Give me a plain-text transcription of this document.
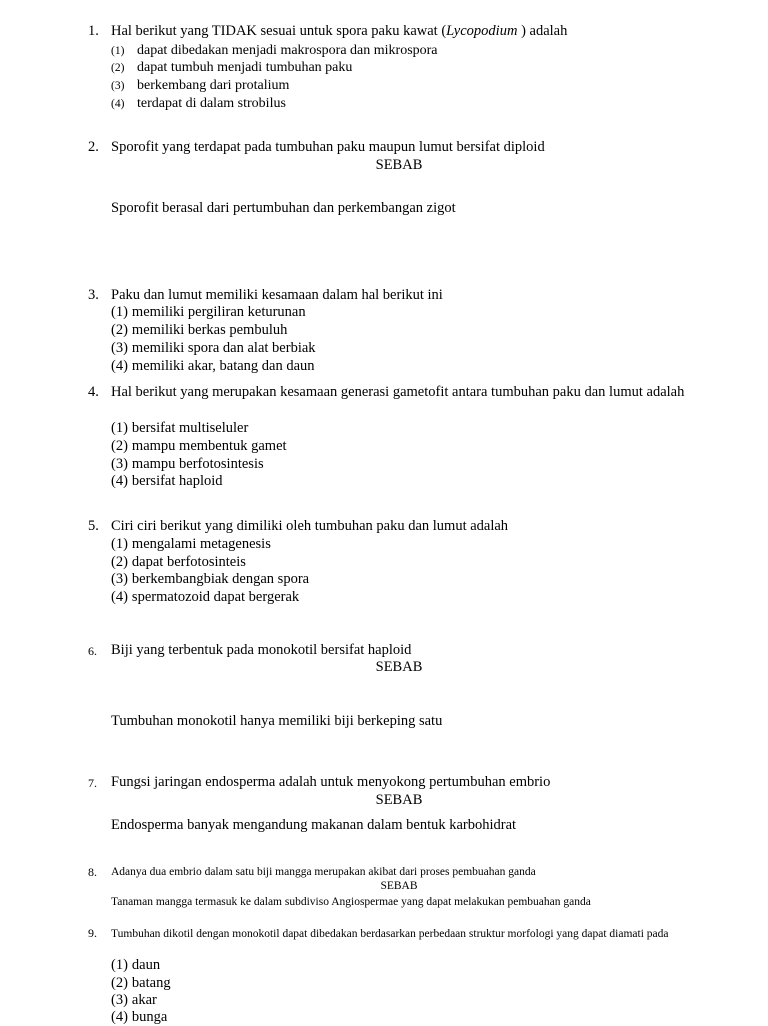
1. Hal berikut yang TIDAK sesuai untuk spora paku kawat (Lycopodium ) adalah
(1) dapat dibedakan menjadi makrospora dan mikrospora
(2) dapat tumbuh menjadi tumbuhan paku
(3) berkembang dari protalium
(4) terdapat di dalam strobilus
2. Sporofit yang terdapat pada tumbuhan paku maupun lumut bersifat diploid
SEBAB
Sporofit berasal dari pertumbuhan dan perkembangan zigot
3. Paku dan lumut memiliki kesamaan dalam hal berikut ini
(1) memiliki pergiliran keturunan
(2) memiliki berkas pembuluh
(3) memiliki spora dan alat berbiak
(4) memiliki akar, batang dan daun
4. Hal berikut yang merupakan kesamaan generasi gametofit antara tumbuhan paku dan lumut adalah
(1) bersifat multiseluler
(2) mampu membentuk gamet
(3) mampu berfotosintesis
(4) bersifat haploid
5. Ciri ciri berikut yang dimiliki oleh tumbuhan paku dan lumut adalah
(1) mengalami metagenesis
(2) dapat berfotosinteis
(3) berkembangbiak dengan spora
(4) spermatozoid dapat bergerak
6. Biji yang terbentuk pada monokotil bersifat haploid
SEBAB
Tumbuhan monokotil hanya memiliki biji berkeping satu
7. Fungsi jaringan endosperma adalah untuk menyokong pertumbuhan embrio
SEBAB
Endosperma banyak mengandung makanan dalam bentuk karbohidrat
8. Adanya dua embrio dalam satu biji mangga merupakan akibat dari proses pembuahan ganda
SEBAB
Tanaman mangga termasuk ke dalam subdiviso Angiospermae yang dapat melakukan pembuahan ganda
9. Tumbuhan dikotil dengan monokotil dapat dibedakan berdasarkan perbedaan struktur morfologi yang dapat diamati pada
(1) daun
(2) batang
(3) akar
(4) bunga
